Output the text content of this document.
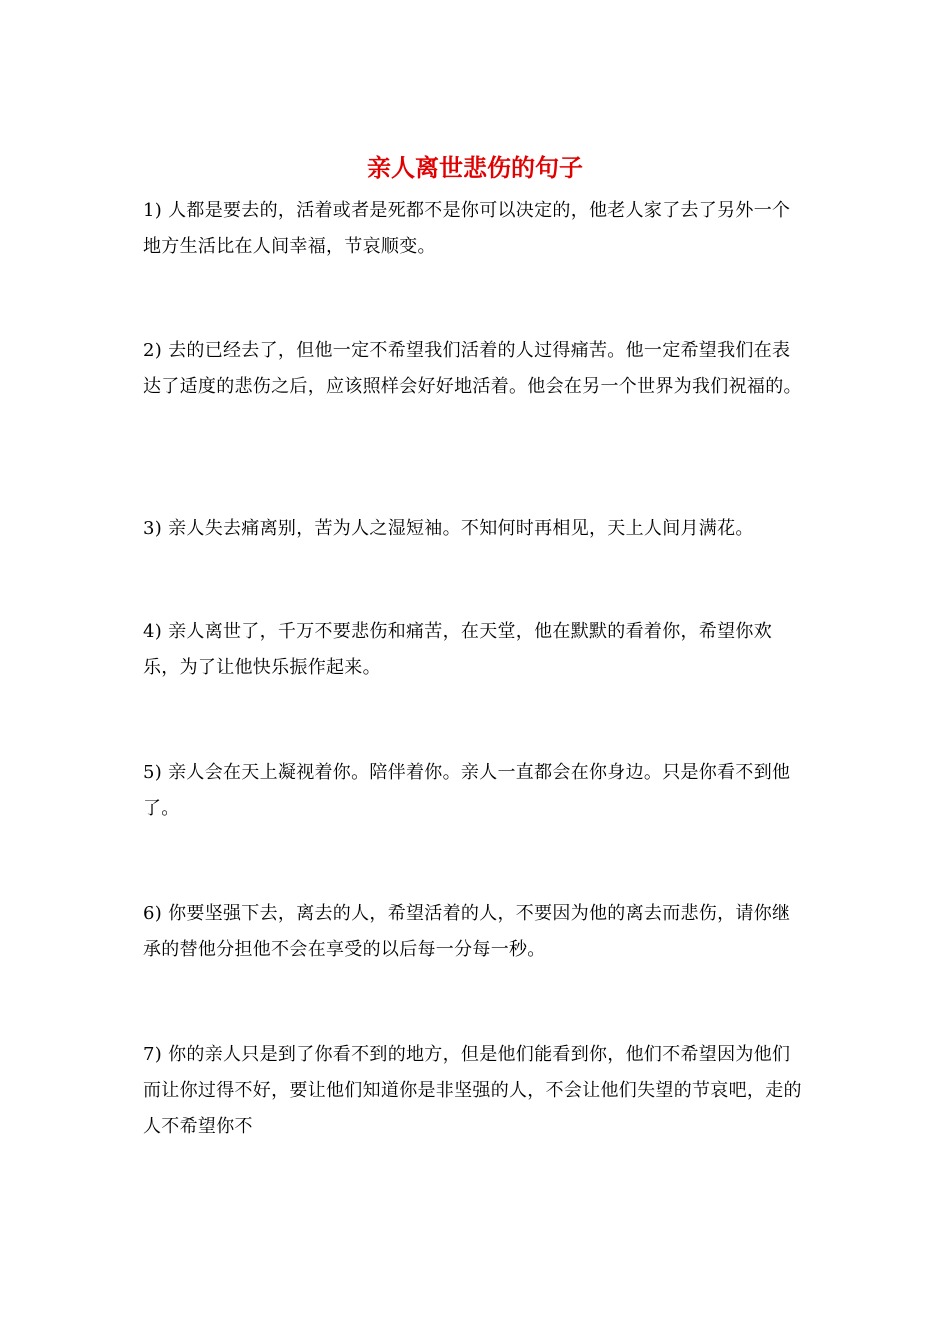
亲人离世悲伤的句子

1) 人都是要去的，活着或者是死都不是你可以决定的，他老人家了去了另外一个地方生活比在人间幸福，节哀顺变。

2) 去的已经去了，但他一定不希望我们活着的人过得痛苦。他一定希望我们在表达了适度的悲伤之后，应该照样会好好地活着。他会在另一个世界为我们祝福的。

3) 亲人失去痛离别，苦为人之湿短袖。不知何时再相见，天上人间月满花。

4) 亲人离世了，千万不要悲伤和痛苦，在天堂，他在默默的看着你，希望你欢乐，为了让他快乐振作起来。

5) 亲人会在天上凝视着你。陪伴着你。亲人一直都会在你身边。只是你看不到他了。

6) 你要坚强下去，离去的人，希望活着的人，不要因为他的离去而悲伤，请你继承的替他分担他不会在享受的以后每一分每一秒。

7) 你的亲人只是到了你看不到的地方，但是他们能看到你，他们不希望因为他们而让你过得不好，要让他们知道你是非坚强的人，不会让他们失望的节哀吧，走的人不希望你不
